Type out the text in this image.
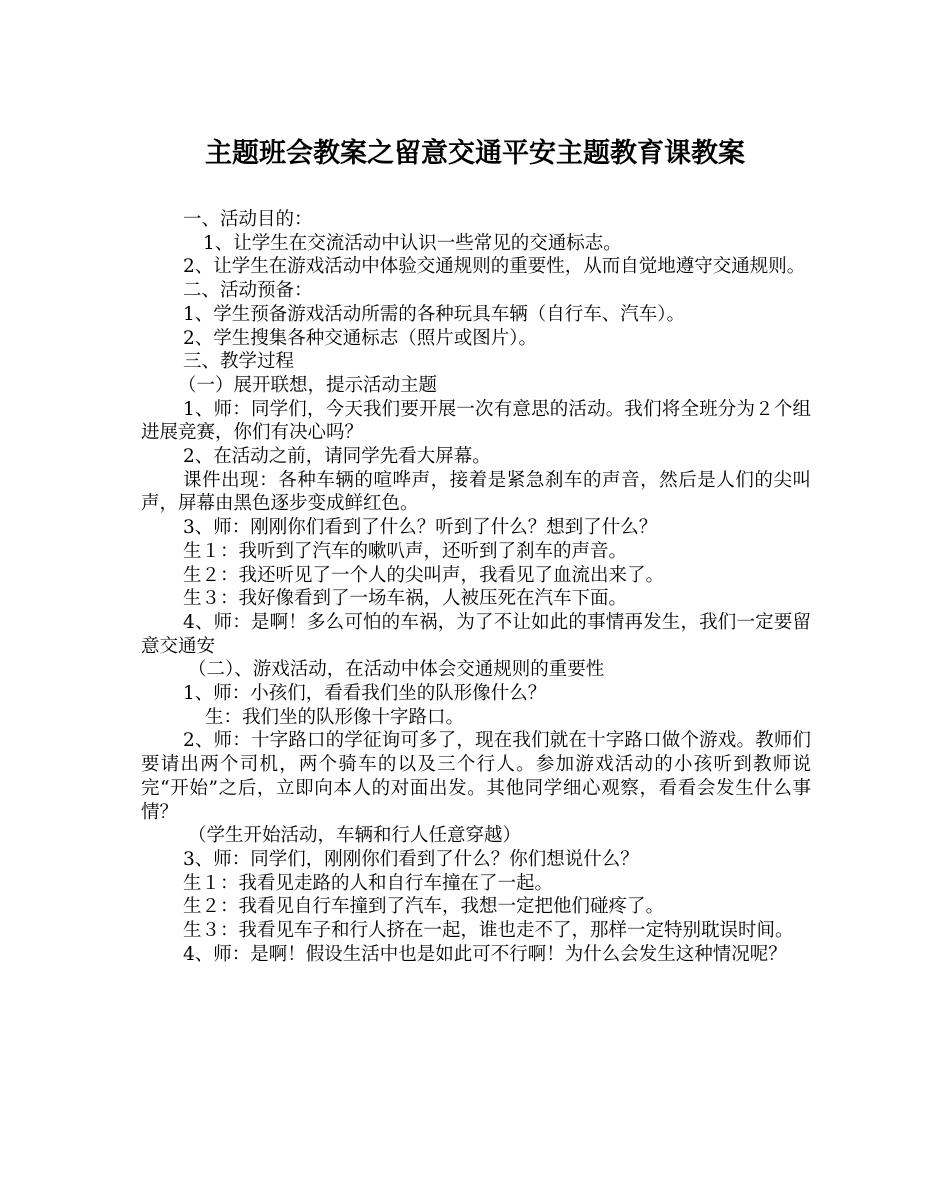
主题班会教案之留意交通平安主题教育课教案

一、活动目的：

1、让学生在交流活动中认识一些常见的交通标志。

2、让学生在游戏活动中体验交通规则的重要性，从而自觉地遵守交通规则。

二、活动预备：

1、学生预备游戏活动所需的各种玩具车辆（自行车、汽车）。

2、学生搜集各种交通标志（照片或图片）。

三、教学过程

（一）展开联想，提示活动主题

1、师：同学们，今天我们要开展一次有意思的活动。我们将全班分为２个组进展竞赛，你们有决心吗？

2、在活动之前，请同学先看大屏幕。

课件出现：各种车辆的喧哗声，接着是紧急刹车的声音，然后是人们的尖叫声，屏幕由黑色逐步变成鲜红色。

3、师：刚刚你们看到了什么？听到了什么？想到了什么？

生１：我听到了汽车的嗽叭声，还听到了刹车的声音。

生２：我还听见了一个人的尖叫声，我看见了血流出来了。

生３：我好像看到了一场车祸，人被压死在汽车下面。

4、师：是啊！多么可怕的车祸，为了不让如此的事情再发生，我们一定要留意交通安

（二）、游戏活动，在活动中体会交通规则的重要性

1、师：小孩们，看看我们坐的队形像什么？

生：我们坐的队形像十字路口。

2、师：十字路口的学征询可多了，现在我们就在十字路口做个游戏。教师们要请出两个司机，两个骑车的以及三个行人。参加游戏活动的小孩听到教师说完“开始”之后，立即向本人的对面出发。其他同学细心观察，看看会发生什么事情？

（学生开始活动，车辆和行人任意穿越）

3、师：同学们，刚刚你们看到了什么？你们想说什么？

生１：我看见走路的人和自行车撞在了一起。

生２：我看见自行车撞到了汽车，我想一定把他们碰疼了。

生３：我看见车子和行人挤在一起，谁也走不了，那样一定特别耽误时间。

4、师：是啊！假设生活中也是如此可不行啊！为什么会发生这种情况呢？
